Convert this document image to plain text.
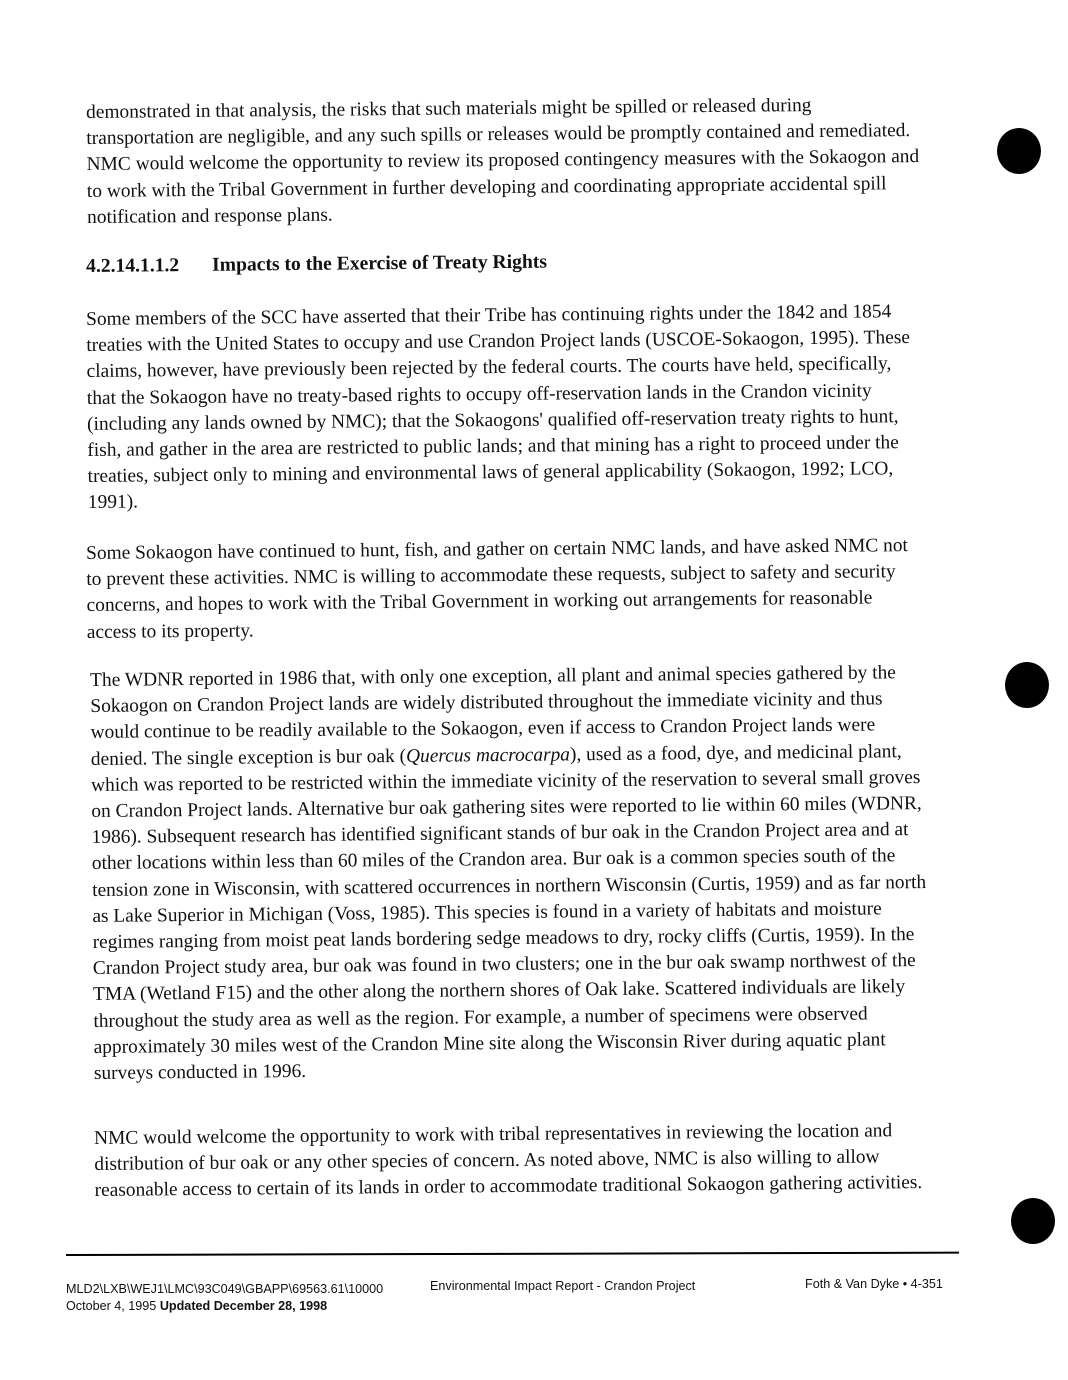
demonstrated in that analysis, the risks that such materials might be spilled or released during transportation are negligible, and any such spills or releases would be promptly contained and remediated. NMC would welcome the opportunity to review its proposed contingency measures with the Sokaogon and to work with the Tribal Government in further developing and coordinating appropriate accidental spill notification and response plans.

4.2.14.1.1.2 Impacts to the Exercise of Treaty Rights

Some members of the SCC have asserted that their Tribe has continuing rights under the 1842 and 1854 treaties with the United States to occupy and use Crandon Project lands (USCOE-Sokaogon, 1995). These claims, however, have previously been rejected by the federal courts. The courts have held, specifically, that the Sokaogon have no treaty-based rights to occupy off-reservation lands in the Crandon vicinity (including any lands owned by NMC); that the Sokaogons' qualified off-reservation treaty rights to hunt, fish, and gather in the area are restricted to public lands; and that mining has a right to proceed under the treaties, subject only to mining and environmental laws of general applicability (Sokaogon, 1992; LCO, 1991).

Some Sokaogon have continued to hunt, fish, and gather on certain NMC lands, and have asked NMC not to prevent these activities. NMC is willing to accommodate these requests, subject to safety and security concerns, and hopes to work with the Tribal Government in working out arrangements for reasonable access to its property.

The WDNR reported in 1986 that, with only one exception, all plant and animal species gathered by the Sokaogon on Crandon Project lands are widely distributed throughout the immediate vicinity and thus would continue to be readily available to the Sokaogon, even if access to Crandon Project lands were denied. The single exception is bur oak (Quercus macrocarpa), used as a food, dye, and medicinal plant, which was reported to be restricted within the immediate vicinity of the reservation to several small groves on Crandon Project lands. Alternative bur oak gathering sites were reported to lie within 60 miles (WDNR, 1986). Subsequent research has identified significant stands of bur oak in the Crandon Project area and at other locations within less than 60 miles of the Crandon area. Bur oak is a common species south of the tension zone in Wisconsin, with scattered occurrences in northern Wisconsin (Curtis, 1959) and as far north as Lake Superior in Michigan (Voss, 1985). This species is found in a variety of habitats and moisture regimes ranging from moist peat lands bordering sedge meadows to dry, rocky cliffs (Curtis, 1959). In the Crandon Project study area, bur oak was found in two clusters; one in the bur oak swamp northwest of the TMA (Wetland F15) and the other along the northern shores of Oak lake. Scattered individuals are likely throughout the study area as well as the region. For example, a number of specimens were observed approximately 30 miles west of the Crandon Mine site along the Wisconsin River during aquatic plant surveys conducted in 1996.

NMC would welcome the opportunity to work with tribal representatives in reviewing the location and distribution of bur oak or any other species of concern. As noted above, NMC is also willing to allow reasonable access to certain of its lands in order to accommodate traditional Sokaogon gathering activities.

MLD2\LXB\WEJ1\LMC\93C049\GBAPP\69563.61\10000	Environmental Impact Report - Crandon Project	Foth & Van Dyke • 4-351

October 4, 1995 Updated December 28, 1998
